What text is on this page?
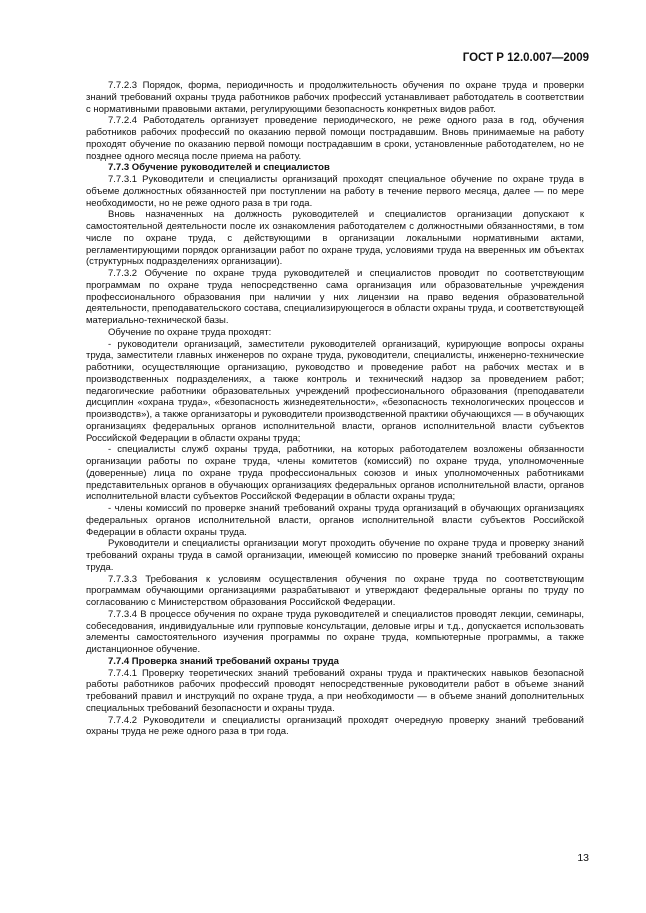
ГОСТ Р 12.0.007—2009

7.7.2.3 Порядок, форма, периодичность и продолжительность обучения по охране труда и проверки знаний требований охраны труда работников рабочих профессий устанавливает работодатель в соответствии с нормативными правовыми актами, регулирующими безопасность конкретных видов работ.

7.7.2.4 Работодатель организует проведение периодического, не реже одного раза в год, обучения работников рабочих профессий по оказанию первой помощи пострадавшим. Вновь принимаемые на работу проходят обучение по оказанию первой помощи пострадавшим в сроки, установленные работодателем, но не позднее одного месяца после приема на работу.

7.7.3 Обучение руководителей и специалистов

7.7.3.1 Руководители и специалисты организаций проходят специальное обучение по охране труда в объеме должностных обязанностей при поступлении на работу в течение первого месяца, далее — по мере необходимости, но не реже одного раза в три года.

Вновь назначенных на должность руководителей и специалистов организации допускают к самостоятельной деятельности после их ознакомления работодателем с должностными обязанностями, в том числе по охране труда, с действующими в организации локальными нормативными актами, регламентирующими порядок организации работ по охране труда, условиями труда на вверенных им объектах (структурных подразделениях организации).

7.7.3.2 Обучение по охране труда руководителей и специалистов проводит по соответствующим программам по охране труда непосредственно сама организация или образовательные учреждения профессионального образования при наличии у них лицензии на право ведения образовательной деятельности, преподавательского состава, специализирующегося в области охраны труда, и соответствующей материально-технической базы.

Обучение по охране труда проходят:

- руководители организаций, заместители руководителей организаций, курирующие вопросы охраны труда, заместители главных инженеров по охране труда, руководители, специалисты, инженерно-технические работники, осуществляющие организацию, руководство и проведение работ на рабочих местах и в производственных подразделениях, а также контроль и технический надзор за проведением работ; педагогические работники образовательных учреждений профессионального образования (преподаватели дисциплин «охрана труда», «безопасность жизнедеятельности», «безопасность технологических процессов и производств»), а также организаторы и руководители производственной практики обучающихся — в обучающих организациях федеральных органов исполнительной власти, органов исполнительной власти субъектов Российской Федерации в области охраны труда;

- специалисты служб охраны труда, работники, на которых работодателем возложены обязанности организации работы по охране труда, члены комитетов (комиссий) по охране труда, уполномоченные (доверенные) лица по охране труда профессиональных союзов и иных уполномоченных работниками представительных органов в обучающих организациях федеральных органов исполнительной власти, органов исполнительной власти субъектов Российской Федерации в области охраны труда;

- члены комиссий по проверке знаний требований охраны труда организаций в обучающих организациях федеральных органов исполнительной власти, органов исполнительной власти субъектов Российской Федерации в области охраны труда.

Руководители и специалисты организации могут проходить обучение по охране труда и проверку знаний требований охраны труда в самой организации, имеющей комиссию по проверке знаний требований охраны труда.

7.7.3.3 Требования к условиям осуществления обучения по охране труда по соответствующим программам обучающими организациями разрабатывают и утверждают федеральные органы по труду по согласованию с Министерством образования Российской Федерации.

7.7.3.4 В процессе обучения по охране труда руководителей и специалистов проводят лекции, семинары, собеседования, индивидуальные или групповые консультации, деловые игры и т.д., допускается использовать элементы самостоятельного изучения программы по охране труда, компьютерные программы, а также дистанционное обучение.

7.7.4 Проверка знаний требований охраны труда

7.7.4.1 Проверку теоретических знаний требований охраны труда и практических навыков безопасной работы работников рабочих профессий проводят непосредственные руководители работ в объеме знаний требований правил и инструкций по охране труда, а при необходимости — в объеме знаний дополнительных специальных требований безопасности и охраны труда.

7.7.4.2 Руководители и специалисты организаций проходят очередную проверку знаний требований охраны труда не реже одного раза в три года.

13
